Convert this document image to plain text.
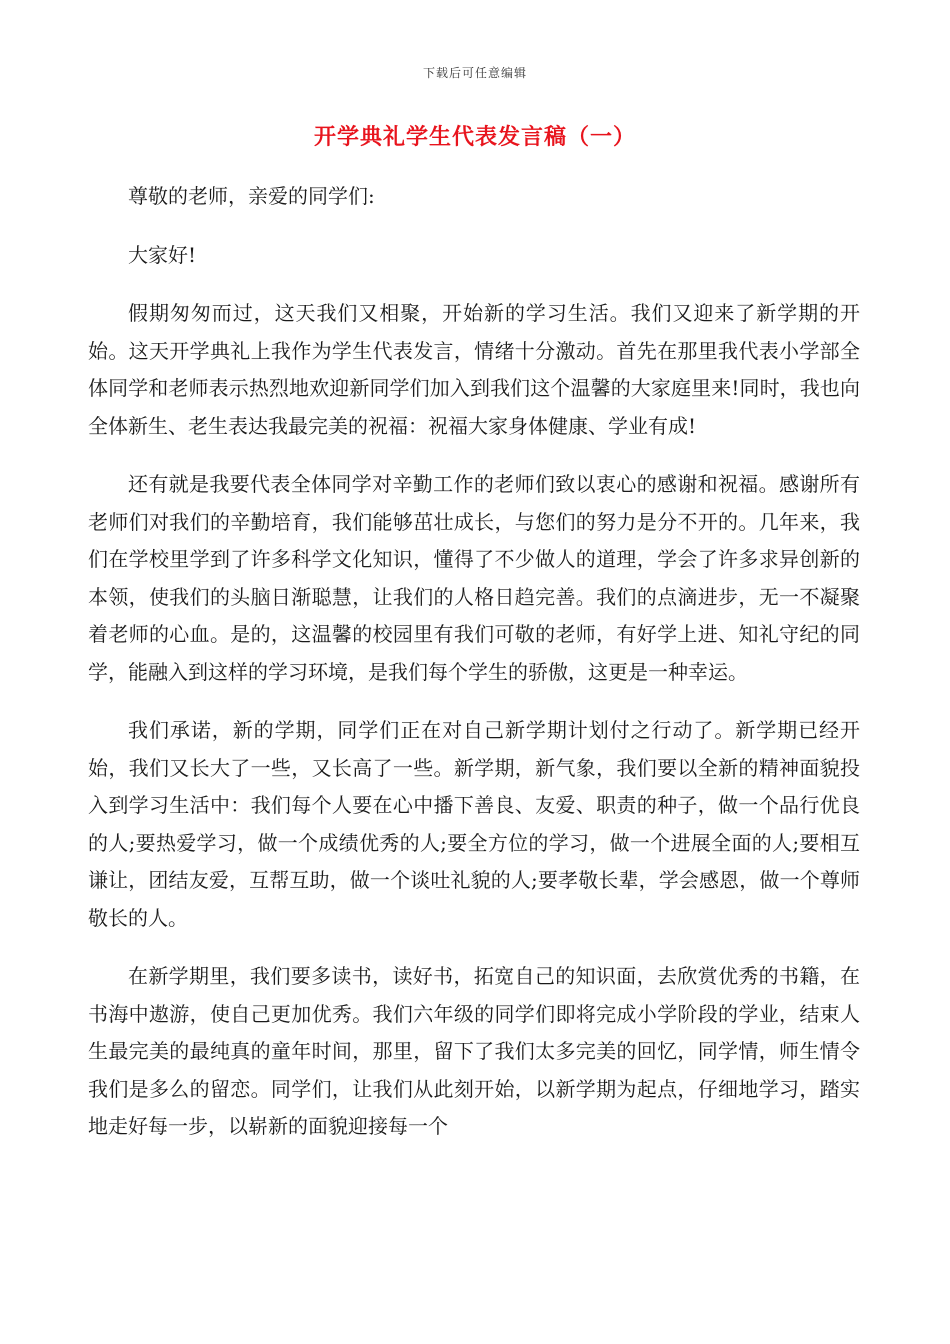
下载后可任意编辑
开学典礼学生代表发言稿（一）

尊敬的老师，亲爱的同学们:

大家好!

假期匆匆而过，这天我们又相聚，开始新的学习生活。我们又迎来了新学期的开始。这天开学典礼上我作为学生代表发言，情绪十分激动。首先在那里我代表小学部全体同学和老师表示热烈地欢迎新同学们加入到我们这个温馨的大家庭里来!同时，我也向全体新生、老生表达我最完美的祝福：祝福大家身体健康、学业有成!

还有就是我要代表全体同学对辛勤工作的老师们致以衷心的感谢和祝福。感谢所有老师们对我们的辛勤培育，我们能够茁壮成长，与您们的努力是分不开的。几年来，我们在学校里学到了许多科学文化知识，懂得了不少做人的道理，学会了许多求异创新的本领，使我们的头脑日渐聪慧，让我们的人格日趋完善。我们的点滴进步，无一不凝聚着老师的心血。是的，这温馨的校园里有我们可敬的老师，有好学上进、知礼守纪的同学，能融入到这样的学习环境，是我们每个学生的骄傲，这更是一种幸运。

我们承诺，新的学期，同学们正在对自己新学期计划付之行动了。新学期已经开始，我们又长大了一些，又长高了一些。新学期，新气象，我们要以全新的精神面貌投入到学习生活中：我们每个人要在心中播下善良、友爱、职责的种子，做一个品行优良的人;要热爱学习，做一个成绩优秀的人;要全方位的学习，做一个进展全面的人;要相互谦让，团结友爱，互帮互助，做一个谈吐礼貌的人;要孝敬长辈，学会感恩，做一个尊师敬长的人。

在新学期里，我们要多读书，读好书，拓宽自己的知识面，去欣赏优秀的书籍，在书海中遨游，使自己更加优秀。我们六年级的同学们即将完成小学阶段的学业，结束人生最完美的最纯真的童年时间，那里，留下了我们太多完美的回忆，同学情，师生情令我们是多么的留恋。同学们，让我们从此刻开始，以新学期为起点，仔细地学习，踏实地走好每一步，以崭新的面貌迎接每一个
